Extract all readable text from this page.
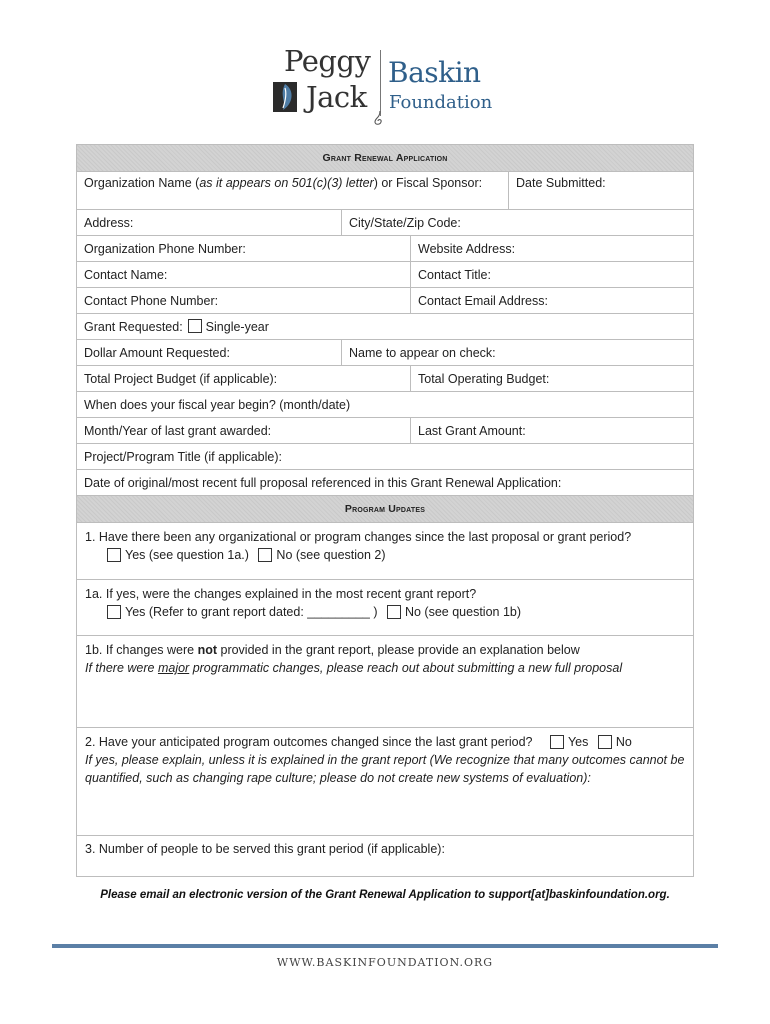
Peggy
Jack
Baskin
Foundation
Grant Renewal Application
Organization Name ( as it appears on 501(c)(3) letter ) or Fiscal Sponsor:	Date Submitted:
Address:	City/State/Zip Code:
Organization Phone Number:	Website Address:
Contact Name:	Contact Title:
Contact Phone Number:	Contact Email Address:
Grant Requested: Single-year
Dollar Amount Requested:	Name to appear on check:
Total Project Budget (if applicable):	Total Operating Budget:
When does your fiscal year begin? (month/date)
Month/Year of last grant awarded:	Last Grant Amount:
Project/Program Title (if applicable):
Date of original/most recent full proposal referenced in this Grant Renewal Application:
Program Updates
1. Have there been any organizational or program changes since the last proposal or grant period?
Yes (see question 1a.) No (see question 2)
1a. If yes, were the changes explained in the most recent grant report?
Yes (Refer to grant report dated: _________ ) No (see question 1b)
1b. If changes were not provided in the grant report, please provide an explanation below
If there were major programmatic changes, please reach out about submitting a new full proposal
2. Have your anticipated program outcomes changed since the last grant period?	Yes No
If yes, please explain, unless it is explained in the grant report (We recognize that many outcomes cannot be quantified, such as changing rape culture; please do not create new systems of evaluation):
3. Number of people to be served this grant period (if applicable):
Please email an electronic version of the Grant Renewal Application to support[at]baskinfoundation.org.
WWW.BASKINFOUNDATION.ORG
